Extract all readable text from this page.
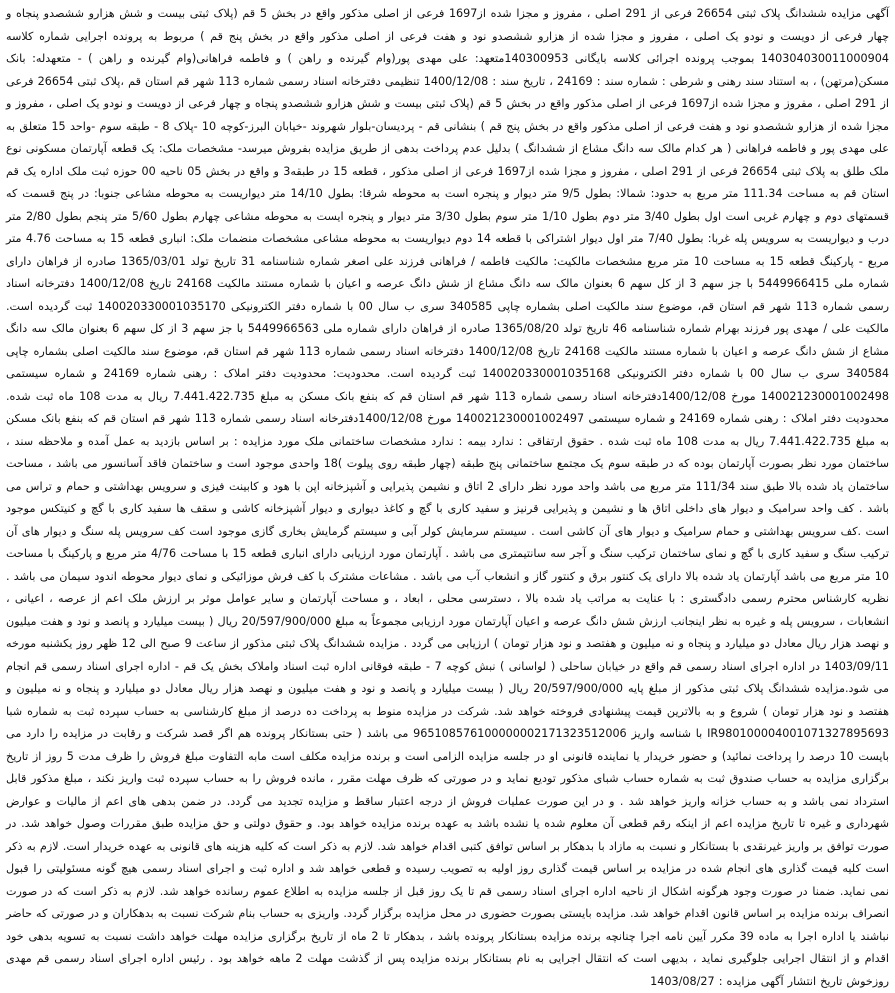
آگهی مزایده ششدانگ پلاک ثبتی 26654 فرعی از 291 اصلی ، مفروز و مجزا شده از1697 فرعی از اصلی مذکور واقع در بخش 5 قم (پلاک ثبتی بیست و شش هزارو ششصدو پنجاه و چهار فرعی از دویست و نودو یک اصلی ، مفروز و مجزا شده از هزارو ششصدو نود و هفت فرعی از اصلی مذکور واقع در بخش پنج قم ) مربوط به پرونده اجرایی شماره کلاسه 140304030011000904 بموجب پرونده اجرائی کلاسه بایگانی 140300953متعهد: علی مهدی پور(وام گیرنده و راهن ) و فاطمه فراهانی(وام گیرنده و راهن ) - متعهدله: بانک مسکن(مرتهن) ، به استناد سند رهنی و شرطی : شماره سند : 24169 ، تاریخ سند : 1400/12/08 تنظیمی دفترخانه اسناد رسمی شماره 113 شهر قم استان قم ،پلاک ثبتی 26654 فرعی از 291 اصلی ، مفروز و مجزا شده از1697 فرعی از اصلی مذکور واقع در بخش 5 قم (پلاک ثبتی بیست و شش هزارو ششصدو پنجاه و چهار فرعی از دویست و نودو یک اصلی ، مفروز و مجزا شده از هزارو ششصدو نود و هفت فرعی از اصلی مذکور واقع در بخش پنج قم ) بنشانی قم - پردیسان-بلوار شهروند -خیابان البرز-کوچه 10 -پلاک 8 - طبقه سوم -واحد 15 متعلق به علی مهدی پور و فاطمه فراهانی ( هر کدام مالک سه دانگ مشاع از ششدانگ ) بدلیل عدم پرداخت بدهی از طریق مزایده بفروش میرسد- مشخصات ملک: یک قطعه آپارتمان مسکونی نوع ملک طلق به پلاک ثبتی 26654 فرعی از 291 اصلی ، مفروز و مجزا شده از1697 فرعی از اصلی مذکور ، قطعه 15 در طبقه3 و واقع در بخش 05 ناحیه 00 حوزه ثبت ملک اداره یک قم استان قم به مساحت 111.34 متر مربع به حدود: شمالا: بطول 9/5 متر دیوار و پنجره است به محوطه شرقا: بطول 14/10 متر دیواریست به محوطه مشاعی جنوبا: در پنج قسمت که قسمتهای دوم و چهارم غربی است اول بطول 3/40 متر دوم بطول 1/10 متر سوم بطول 3/30 متر دیوار و پنجره ایست به محوطه مشاعی چهارم بطول 5/60 متر پنجم بطول 2/80 متر درب و دیواریست به سرویس پله غربا: بطول 7/40 متر اول دیوار اشتراکی با قطعه 14 دوم دیواریست به محوطه مشاعی مشخصات منضمات ملک: انباری قطعه 15 به مساحت 4.76 متر مربع - پارکینگ قطعه 15 به مساحت 10 متر مربع مشخصات مالکیت: مالکیت فاطمه / فراهانی فرزند علی اصغر شماره شناسنامه 31 تاریخ تولد 1365/03/01 صادره از فراهان دارای شماره ملی 5449966415 با جز سهم 3 از کل سهم 6 بعنوان مالک سه دانگ مشاع از شش دانگ عرصه و اعیان با شماره مستند مالکیت 24168 تاریخ 1400/12/08 دفترخانه اسناد رسمی شماره 113 شهر قم استان قم، موضوع سند مالکیت اصلی بشماره چاپی 340585 سری ب سال 00 با شماره دفتر الکترونیکی 140020330001035170 ثبت گردیده است. مالکیت علی / مهدی پور فرزند بهرام شماره شناسنامه 46 تاریخ تولد 1365/08/20 صادره از فراهان دارای شماره ملی 5449966563 با جز سهم 3 از کل سهم 6 بعنوان مالک سه دانگ مشاع از شش دانگ عرصه و اعیان با شماره مستند مالکیت 24168 تاریخ 1400/12/08 دفترخانه اسناد رسمی شماره 113 شهر قم استان قم، موضوع سند مالکیت اصلی بشماره چاپی 340584 سری ب سال 00 با شماره دفتر الکترونیکی 140020330001035168 ثبت گردیده است. محدودیت: محدودیت دفتر املاک : رهنی شماره 24169 و شماره سیستمی 140021230001002498 مورخ 1400/12/08دفترخانه اسناد رسمی شماره 113 شهر قم استان قم که بنفع بانک مسکن به مبلغ 7.441.422.735 ریال به مدت 108 ماه ثبت شده. محدودیت دفتر املاک : رهنی شماره 24169 و شماره سیستمی 140021230001002497 مورخ 1400/12/08دفترخانه اسناد رسمی شماره 113 شهر قم استان قم که بنفع بانک مسکن به مبلغ 7.441.422.735 ریال به مدت 108 ماه ثبت شده . حقوق ارتفاقی : ندارد بیمه : ندارد مشخصات ساختمانی ملک مورد مزایده : بر اساس بازدید به عمل آمده و ملاحظه سند ، ساختمان مورد نظر بصورت آپارتمان بوده که در طبقه سوم یک مجتمع ساختمانی پنج طبقه (چهار طبقه روی پیلوت )18 واحدی موجود است و ساختمان فاقد آسانسور می باشد ، مساحت ساختمان یاد شده بالا طبق سند 111/34 متر مربع می باشد واحد مورد نظر دارای 2 اتاق و نشیمن پذیرایی و آشپزخانه اپن با هود و کابینت فیزی و سرویس بهداشتی و حمام و تراس می باشد . کف واحد سرامیک و دیوار های داخلی اتاق ها و نشیمن و پذیرایی قرنیز و سفید کاری با گچ و کاغذ دیواری و دیوار آشپزخانه کاشی و سقف ها سفید کاری با گچ و کنیتکس موجود است .کف سرویس بهداشتی و حمام سرامیک و دیوار های آن کاشی است . سیستم سرمایش کولر آبی و سیستم گرمایش بخاری گازی موجود است کف سرویس پله سنگ و دیوار های آن ترکیب سنگ و سفید کاری با گچ و نمای ساختمان ترکیب سنگ و آجر سه سانتیمتری می باشد . آپارتمان مورد ارزیابی دارای انباری قطعه 15 با مساحت 4/76 متر مربع و پارکینگ با مساحت 10 متر مربع می باشد آپارتمان یاد شده بالا دارای یک کنتور برق و کنتور گاز و انشعاب آب می باشد . مشاعات مشترک با کف فرش موزائیکی و نمای دیوار محوطه اندود سیمان می باشد . نظریه کارشناس محترم رسمی دادگستری : با عنایت به مراتب یاد شده بالا ، دسترسی محلی ، ابعاد ، و مساحت آپارتمان و سایر عوامل موثر بر ارزش ملک اعم از عرصه ، اعیانی ، انشعابات ، سرویس پله و غیره به نظر اینجانب ارزش شش دانگ عرصه و اعیان آپارتمان مورد ارزیابی مجموعاً به مبلغ 20/597/900/000 ریال ( بیست میلیارد و پانصد و نود و هفت میلیون و نهصد هزار ریال معادل دو میلیارد و پنجاه و نه میلیون و هفتصد و نود هزار تومان ) ارزیابی می گردد . مزایده ششدانگ پلاک ثبتی مذکور از ساعت 9 صبح الی 12 ظهر روز یکشنبه مورخه 1403/09/11 در اداره اجرای اسناد رسمی قم واقع در خیابان ساحلی ( لواسانی ) نبش کوچه 7 - طبقه فوقانی اداره ثبت اسناد واملاک بخش یک قم - اداره اجرای اسناد رسمی قم انجام می شود.مزایده ششدانگ پلاک ثبتی مذکور از مبلغ پایه 20/597/900/000 ریال ( بیست میلیارد و پانصد و نود و هفت میلیون و نهصد هزار ریال معادل دو میلیارد و پنجاه و نه میلیون و هفتصد و نود هزار تومان ) شروع و به بالاترین قیمت پیشنهادی فروخته خواهد شد. شرکت در مزایده منوط به پرداخت ده درصد از مبلغ کارشناسی به حساب سپرده ثبت به شماره شبا IR980100004001071327895693 با شناسه واریز 965108576100000002171323512006 می باشد ( حتی بستانکار پرونده هم اگر قصد شرکت و رقابت در مزایده را دارد می بایست 10 درصد را پرداخت نمائید) و حضور خریدار یا نماینده قانونی او در جلسه مزایده الزامی است و برنده مزایده مکلف است مابه التفاوت مبلغ فروش را ظرف مدت 5 روز از تاریخ برگزاری مزایده به حساب صندوق ثبت به شماره حساب شبای مذکور تودیع نماید و در صورتی که ظرف مهلت مقرر ، مانده فروش را به حساب سپرده ثبت واریز نکند ، مبلغ مذکور قابل استرداد نمی باشد و به حساب خزانه واریز خواهد شد . و در این صورت عملیات فروش از درجه اعتبار ساقط و مزایده تجدید می گردد. در ضمن بدهی های اعم از مالیات و عوارض شهرداری و غیره تا تاریخ مزایده اعم از اینکه رقم قطعی آن معلوم شده یا نشده باشد به عهده برنده مزایده خواهد بود. و حقوق دولتی و حق مزایده طبق مقررات وصول خواهد شد. در صورت توافق بر واریز غیرنقدی با بستانکار و نسبت به مازاد با بدهکار بر اساس توافق کتبی اقدام خواهد شد. لازم به ذکر است که کلیه هزینه های قانونی به عهده خریدار است. لازم به ذکر است کلیه قیمت گذاری های انجام شده در مزایده بر اساس قیمت گذاری روز اولیه به تصویب رسیده و قطعی خواهد شد و اداره ثبت و اجرای اسناد رسمی هیچ گونه مسئولیتی را قبول نمی نماید. ضمنا در صورت وجود هرگونه اشکال از ناحیه اداره اجرای اسناد رسمی قم تا یک روز قبل از جلسه مزایده به اطلاع عموم رسانده خواهد شد. لازم به ذکر است که در صورت انصراف برنده مزایده بر اساس قانون اقدام خواهد شد. مزایده بایستی بصورت حضوری در محل مزایده برگزار گردد. واریزی به حساب بنام شرکت نسبت به بدهکاران و در صورتی که حاضر نباشند یا اداره اجرا به ماده 39 مکرر آیین نامه اجرا چنانچه برنده مزایده بستانکار پرونده باشد ، بدهکار تا 2 ماه از تاریخ برگزاری مزایده مهلت خواهد داشت نسبت به تسویه بدهی خود اقدام و از انتقال اجرایی جلوگیری نماید ، بدیهی است که انتقال اجرایی به نام بستانکار برنده مزایده پس از گذشت مهلت 2 ماهه خواهد بود . رئیس اداره اجرای اسناد رسمی قم مهدی روزخوش تاریخ انتشار آگهی مزایده : 1403/08/27
